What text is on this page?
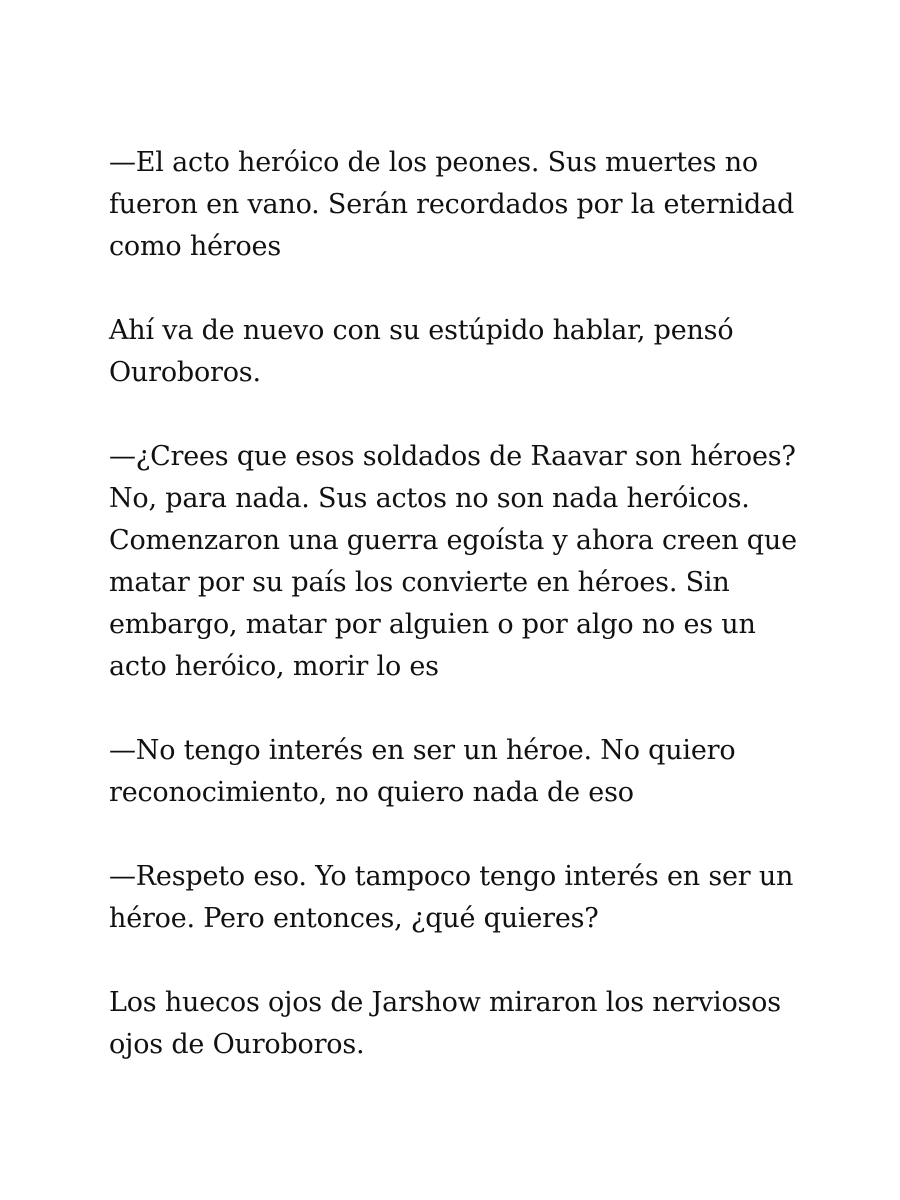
—El acto heróico de los peones. Sus muertes no fueron en vano. Serán recordados por la eternidad como héroes

Ahí va de nuevo con su estúpido hablar, pensó Ouroboros.

—¿Crees que esos soldados de Raavar son héroes? No, para nada. Sus actos no son nada heróicos. Comenzaron una guerra egoísta y ahora creen que matar por su país los convierte en héroes. Sin embargo, matar por alguien o por algo no es un acto heróico, morir lo es

—No tengo interés en ser un héroe. No quiero reconocimiento, no quiero nada de eso

—Respeto eso. Yo tampoco tengo interés en ser un héroe. Pero entonces, ¿qué quieres?

Los huecos ojos de Jarshow miraron los nerviosos ojos de Ouroboros.
